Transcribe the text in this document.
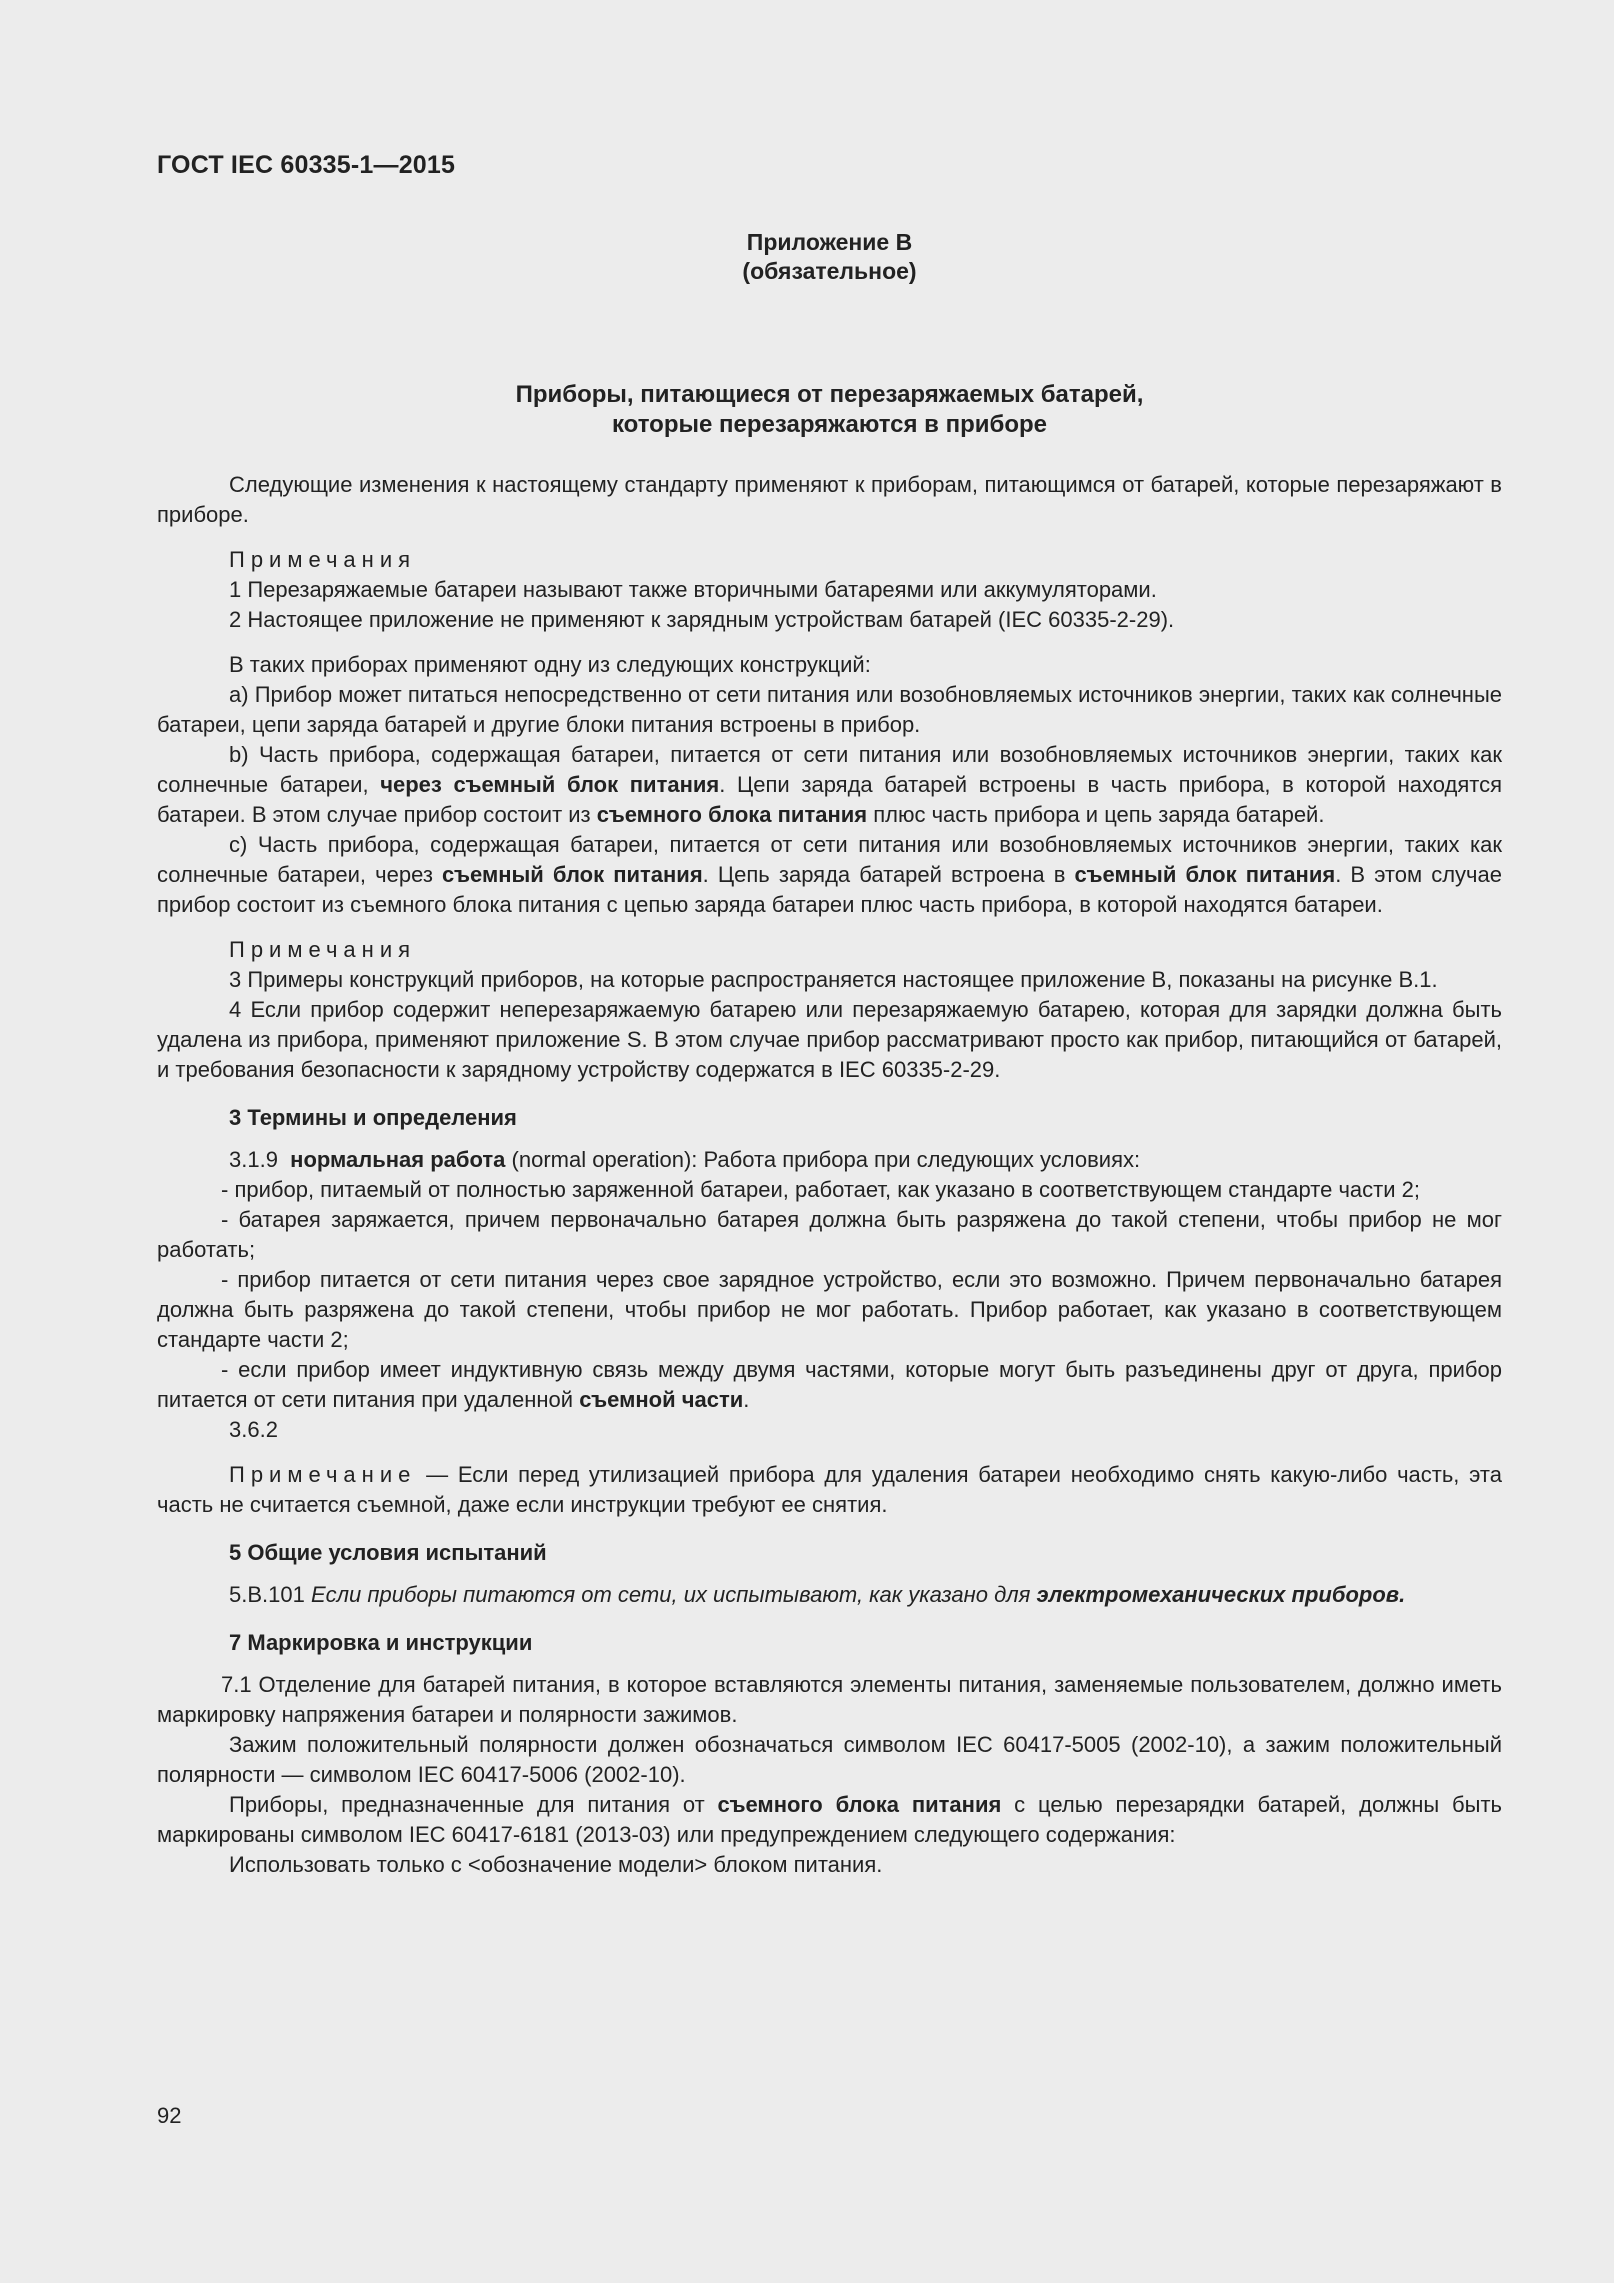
ГОСТ IEC 60335-1—2015
Приложение B
(обязательное)
Приборы, питающиеся от перезаряжаемых батарей,
которые перезаряжаются в приборе

Следующие изменения к настоящему стандарту применяют к приборам, питающимся от батарей, которые перезаряжают в приборе.

Примечания

1 Перезаряжаемые батареи называют также вторичными батареями или аккумуляторами.

2 Настоящее приложение не применяют к зарядным устройствам батарей (IEC 60335-2-29).

В таких приборах применяют одну из следующих конструкций:

a) Прибор может питаться непосредственно от сети питания или возобновляемых источников энергии, таких как солнечные батареи, цепи заряда батарей и другие блоки питания встроены в прибор.

b) Часть прибора, содержащая батареи, питается от сети питания или возобновляемых источников энергии, таких как солнечные батареи, через съемный блок питания. Цепи заряда батарей встроены в часть прибора, в которой находятся батареи. В этом случае прибор состоит из съемного блока питания плюс часть прибора и цепь заряда батарей.

c) Часть прибора, содержащая батареи, питается от сети питания или возобновляемых источников энергии, таких как солнечные батареи, через съемный блок питания. Цепь заряда батарей встроена в съемный блок питания. В этом случае прибор состоит из съемного блока питания с цепью заряда батареи плюс часть прибора, в которой находятся батареи.

Примечания

3 Примеры конструкций приборов, на которые распространяется настоящее приложение B, показаны на рисунке B.1.

4 Если прибор содержит неперезаряжаемую батарею или перезаряжаемую батарею, которая для зарядки должна быть удалена из прибора, применяют приложение S. В этом случае прибор рассматривают просто как прибор, питающийся от батарей, и требования безопасности к зарядному устройству содержатся в IEC 60335-2-29.

3 Термины и определения

3.1.9 нормальная работа (normal operation): Работа прибора при следующих условиях:

- прибор, питаемый от полностью заряженной батареи, работает, как указано в соответствующем стандарте части 2;

- батарея заряжается, причем первоначально батарея должна быть разряжена до такой степени, чтобы прибор не мог работать;

- прибор питается от сети питания через свое зарядное устройство, если это возможно. Причем первоначально батарея должна быть разряжена до такой степени, чтобы прибор не мог работать. Прибор работает, как указано в соответствующем стандарте части 2;

- если прибор имеет индуктивную связь между двумя частями, которые могут быть разъединены друг от друга, прибор питается от сети питания при удаленной съемной части.

3.6.2

Примечание — Если перед утилизацией прибора для удаления батареи необходимо снять какую-либо часть, эта часть не считается съемной, даже если инструкции требуют ее снятия.

5 Общие условия испытаний

5.B.101 Если приборы питаются от сети, их испытывают, как указано для электромеханических приборов.

7 Маркировка и инструкции

7.1 Отделение для батарей питания, в которое вставляются элементы питания, заменяемые пользователем, должно иметь маркировку напряжения батареи и полярности зажимов.

Зажим положительный полярности должен обозначаться символом IEC 60417-5005 (2002-10), а зажим положительный полярности — символом IEC 60417-5006 (2002-10).

Приборы, предназначенные для питания от съемного блока питания с целью перезарядки батарей, должны быть маркированы символом IEC 60417-6181 (2013-03) или предупреждением следующего содержания:

Использовать только с <обозначение модели> блоком питания.

92
